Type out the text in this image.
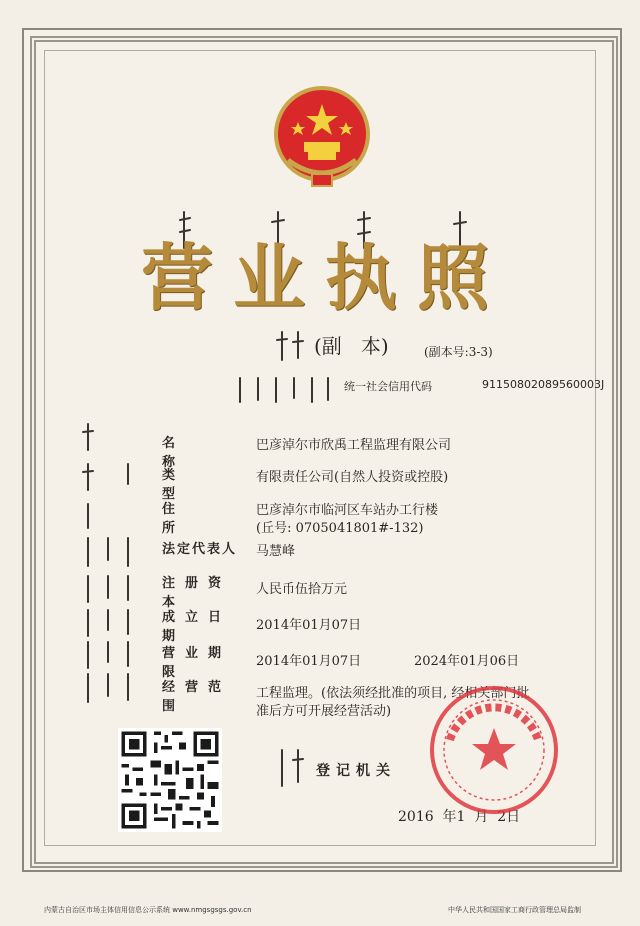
营业执照
(副   本)	(副本号:3-3)
统一社会信用代码	91150802089560003J
名称
巴彦淖尔市欣禹工程监理有限公司
类型
有限责任公司(自然人投资或控股)
住所
巴彦淖尔市临河区车站办工行楼
(丘号: 0705041801#-132)
法定代表人 马慧峰
注册资本
人民币伍拾万元
成立日期
2014年01月07日
营业期限
2014年01月07日	2024年01月06日
经营范围
工程监理。(依法须经批准的项目, 经相关部门批
准后方可开展经营活动)
登记机关
2016  年1  月  2日
内蒙古自治区市场主体信用信息公示系统 www.nmgsgsgs.gov.cn	中华人民共和国国家工商行政管理总局监制
